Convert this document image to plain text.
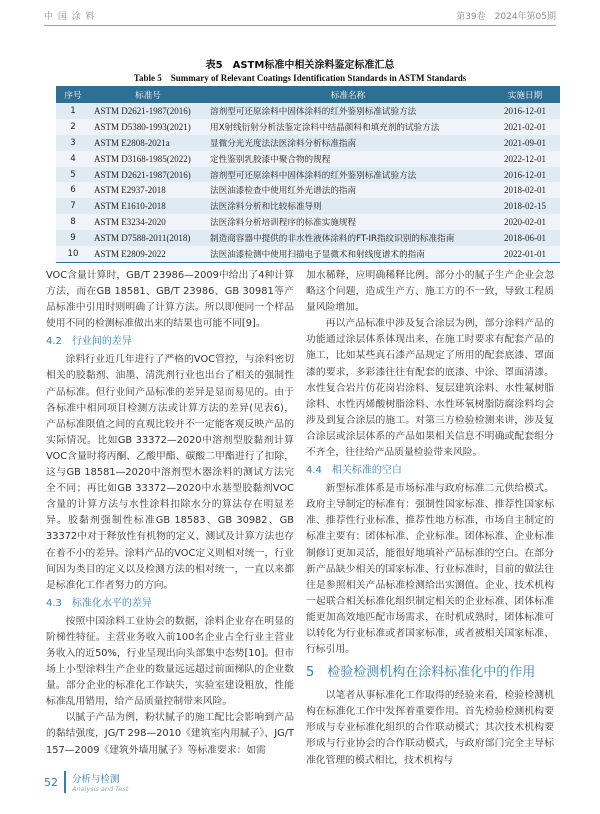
中 国 涂 料	第39卷　2024年第05期
表5　ASTM标准中相关涂料鉴定标准汇总
Table 5　Summary of Relevant Coatings Identification Standards in ASTM Standards
序号	标准号	标准名称	实施日期
1	ASTM D2621-1987(2016)	溶剂型可还原涂料中固体涂料的红外鉴别标准试验方法	2016-12-01
2	ASTM D5380-1993(2021)	用X射线衍射分析法鉴定涂料中结晶颜料和填充剂的试验方法	2021-02-01
3	ASTM E2808-2021a	显微分光光度法法医涂料分析标准指南	2021-09-01
4	ASTM D3168-1985(2022)	定性鉴别乳胶漆中聚合物的规程	2022-12-01
5	ASTM D2621-1987(2016)	溶剂型可还原涂料中固体涂料的红外鉴别标准试验方法	2016-12-01
6	ASTM E2937-2018	法医油漆检查中使用红外光谱法的指南	2018-02-01
7	ASTM E1610-2018	法医涂料分析和比较标准导则	2018-02-15
8	ASTM E3234-2020	法医涂料分析培训程序的标准实施规程	2020-02-01
9	ASTM D7588-2011(2018)	制造商容器中提供的非水性液体涂料的FT-IR指纹识别的标准指南	2018-06-01
10	ASTM E2809-2022	法医油漆检测中使用扫描电子显微术和射线度谱术的指南	2022-01-01

VOC含量计算时，GB/T 23986—2009中给出了4种计算方法，而在GB 18581、GB/T 23986、GB 30981等产品标准中引用时则明确了计算方法。所以即便同一个样品使用不同的检测标准做出来的结果也可能不同[9]。

4.2　行业间的差异

涂料行业近几年进行了严格的VOC管控，与涂料密切相关的胶黏剂、油墨、清洗剂行业也出台了相关的强制性产品标准。但行业间产品标准的差异是显而易见的。由于各标准中相同项目检测方法或计算方法的差异(见表6)，产品标准限值之间的直观比较并不一定能客观反映产品的实际情况。比如GB 33372—2020中溶剂型胶黏剂计算VOC含量时将丙酮、乙酸甲酯、碳酸二甲酯进行了扣除，这与GB 18581—2020中溶剂型木器涂料的测试方法完全不同；再比如GB 33372—2020中水基型胶黏剂VOC含量的计算方法与水性涂料扣除水分的算法存在明显差异。胶黏剂强制性标准GB 18583、GB 30982、GB 33372中对于释放性有机物的定义、测试及计算方法也存在着不小的差异。涂料产品的VOC定义则相对统一，行业间因为类目的定义以及检测方法的相对统一，一直以来都是标准化工作者努力的方向。

4.3　标准化水平的差异

按照中国涂料工业协会的数据，涂料企业存在明显的阶梯性特征。主营业务收入前100名企业占全行业主营业务收入的近50%，行业呈现出向头部集中态势[10]。但市场上小型涂料生产企业的数量远远超过前面梯队的企业数量。部分企业的标准化工作缺失，实验室建设粗放，性能标准乱用错用，给产品质量控制带来风险。

以腻子产品为例，粉状腻子的施工配比会影响到产品的黏结强度，JG/T 298—2010《建筑室内用腻子》、JG/T 157—2009《建筑外墙用腻子》等标准要求：如需

加水稀释，应明确稀释比例。部分小的腻子生产企业会忽略这个问题，造成生产方、施工方的不一致，导致工程质量风险增加。

再以产品标准中涉及复合涂层为例，部分涂料产品的功能通过涂层体系体现出来，在施工时要求有配套产品的施工，比如某些真石漆产品规定了所用的配套底漆、罩面漆的要求，多彩漆往往有配套的底漆、中涂、罩面清漆。水性复合岩片仿花岗岩涂料、复层建筑涂料、水性氟树脂涂料、水性丙烯酸树脂涂料、水性环氧树脂防腐涂料均会涉及到复合涂层的施工。对第三方检验检测来讲，涉及复合涂层或涂层体系的产品如果相关信息不明确或配套组分不齐全，往往给产品质量检验带来风险。

4.4　相关标准的空白

新型标准体系是市场标准与政府标准二元供给模式。政府主导制定的标准有：强制性国家标准、推荐性国家标准、推荐性行业标准、推荐性地方标准，市场自主制定的标准主要有：团体标准、企业标准。团体标准、企业标准制修订更加灵活，能很好地填补产品标准的空白。在部分新产品缺少相关的国家标准、行业标准时，目前的做法往往是参照相关产品标准检测给出实测值。企业、技术机构一起联合相关标准化组织制定相关的企业标准、团体标准能更加高效地匹配市场需求，在时机成熟时，团体标准可以转化为行业标准或者国家标准，或者被相关国家标准、行标引用。

5　检验检测机构在涂料标准化中的作用

以笔者从事标准化工作取得的经验来看，检验检测机构在标准化工作中发挥着重要作用。首先检验检测机构要形成与专业标准化组织的合作联动模式；其次技术机构要形成与行业协会的合作联动模式，与政府部门完全主导标准化管理的模式相比，技术机构与

52 分析与检测
Analysis and Test
